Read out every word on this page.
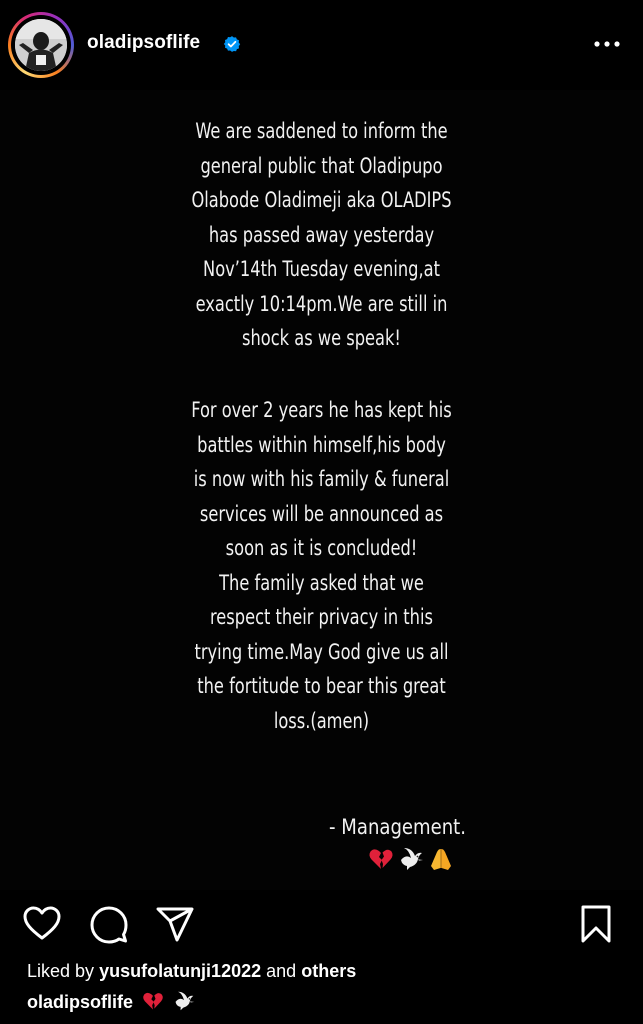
oladipsoflife
We are saddened to inform the
general public that Oladipupo
Olabode Oladimeji aka OLADIPS
has passed away yesterday
Nov’14th Tuesday evening,at
exactly 10:14pm.We are still in
shock as we speak!
For over 2 years he has kept his
battles within himself,his body
is now with his family & funeral
services will be announced as
soon as it is concluded!
The family asked that we
respect their privacy in this
trying time.May God give us all
the fortitude to bear this great
loss.(amen)
- Management.
Liked by yusufolatunji12022 and others
oladipsoflife
